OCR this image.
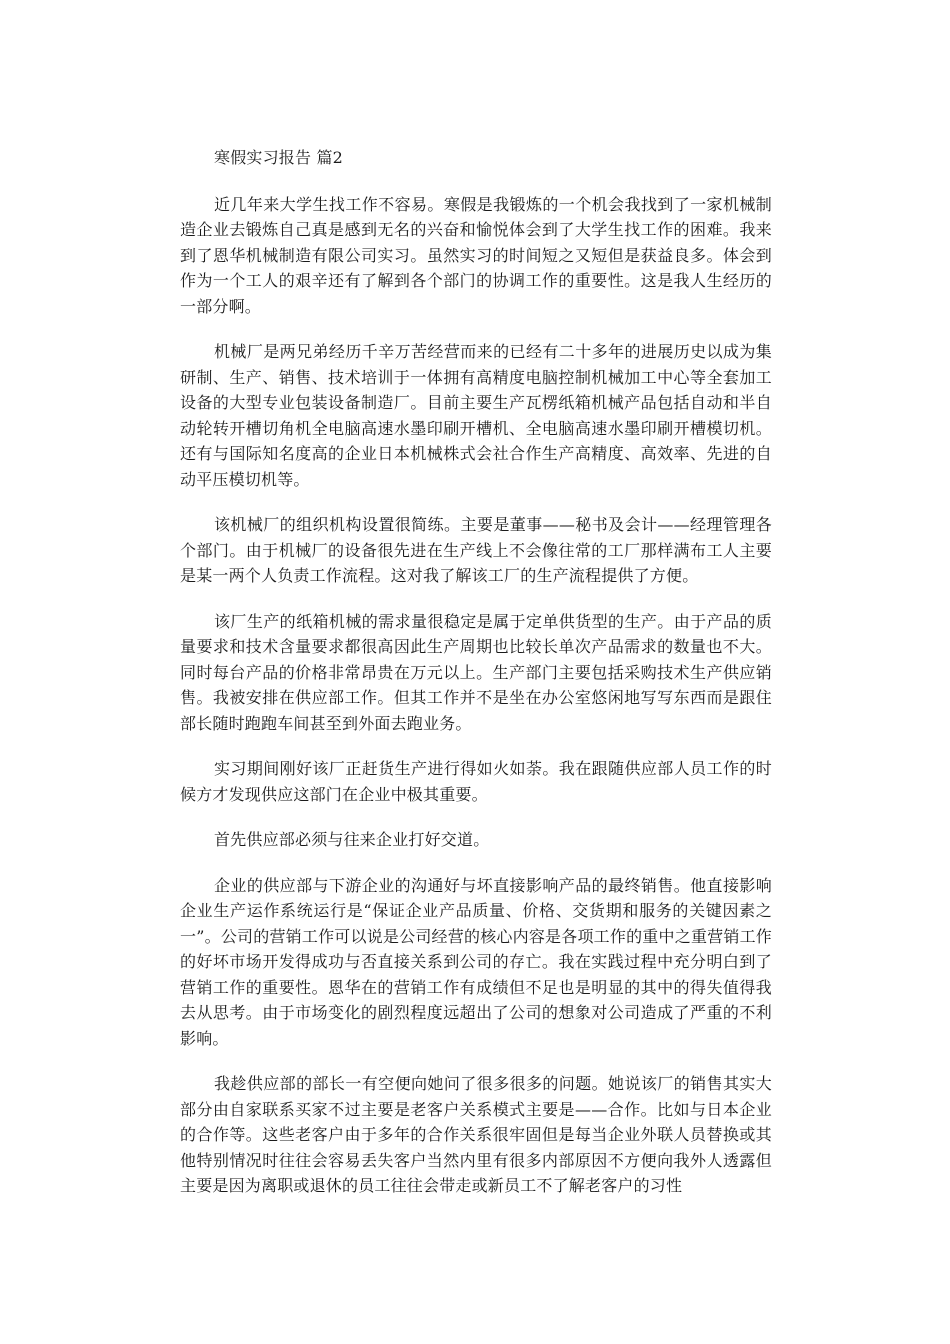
寒假实习报告 篇2

近几年来大学生找工作不容易。寒假是我锻炼的一个机会我找到了一家机械制造企业去锻炼自己真是感到无名的兴奋和愉悦体会到了大学生找工作的困难。我来到了恩华机械制造有限公司实习。虽然实习的时间短之又短但是获益良多。体会到作为一个工人的艰辛还有了解到各个部门的协调工作的重要性。这是我人生经历的一部分啊。

机械厂是两兄弟经历千辛万苦经营而来的已经有二十多年的进展历史以成为集研制、生产、销售、技术培训于一体拥有高精度电脑控制机械加工中心等全套加工设备的大型专业包装设备制造厂。目前主要生产瓦楞纸箱机械产品包括自动和半自动轮转开槽切角机全电脑高速水墨印刷开槽机、全电脑高速水墨印刷开槽模切机。还有与国际知名度高的企业日本机械株式会社合作生产高精度、高效率、先进的自动平压模切机等。

该机械厂的组织机构设置很简练。主要是董事——秘书及会计——经理管理各个部门。由于机械厂的设备很先进在生产线上不会像往常的工厂那样满布工人主要是某一两个人负责工作流程。这对我了解该工厂的生产流程提供了方便。

该厂生产的纸箱机械的需求量很稳定是属于定单供货型的生产。由于产品的质量要求和技术含量要求都很高因此生产周期也比较长单次产品需求的数量也不大。同时每台产品的价格非常昂贵在万元以上。生产部门主要包括采购技术生产供应销售。我被安排在供应部工作。但其工作并不是坐在办公室悠闲地写写东西而是跟住部长随时跑跑车间甚至到外面去跑业务。

实习期间刚好该厂正赶货生产进行得如火如荼。我在跟随供应部人员工作的时候方才发现供应这部门在企业中极其重要。

首先供应部必须与往来企业打好交道。

企业的供应部与下游企业的沟通好与坏直接影响产品的最终销售。他直接影响企业生产运作系统运行是“保证企业产品质量、价格、交货期和服务的关键因素之一”。公司的营销工作可以说是公司经营的核心内容是各项工作的重中之重营销工作的好坏市场开发得成功与否直接关系到公司的存亡。我在实践过程中充分明白到了营销工作的重要性。恩华在的营销工作有成绩但不足也是明显的其中的得失值得我去从思考。由于市场变化的剧烈程度远超出了公司的想象对公司造成了严重的不利影响。

我趁供应部的部长一有空便向她问了很多很多的问题。她说该厂的销售其实大部分由自家联系买家不过主要是老客户关系模式主要是——合作。比如与日本企业的合作等。这些老客户由于多年的合作关系很牢固但是每当企业外联人员替换或其他特别情况时往往会容易丢失客户当然内里有很多内部原因不方便向我外人透露但主要是因为离职或退休的员工往往会带走或新员工不了解老客户的习性
